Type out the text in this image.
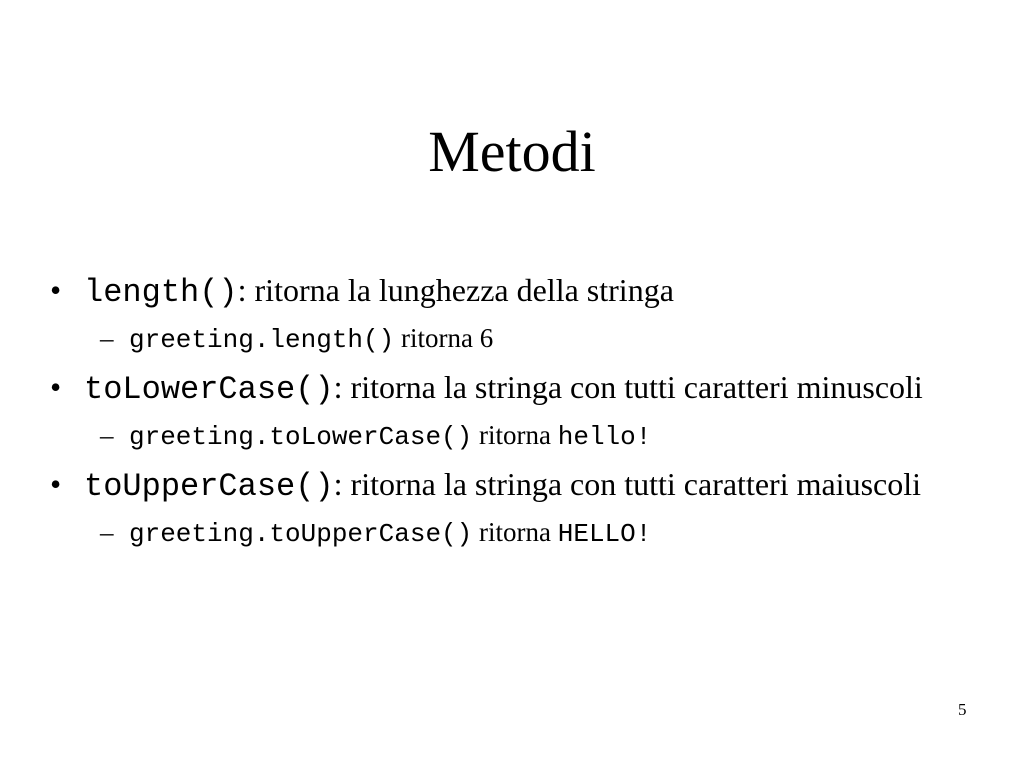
Metodi
• length(): ritorna la lunghezza della stringa
– greeting.length() ritorna 6
• toLowerCase(): ritorna la stringa con tutti caratteri minuscoli
– greeting.toLowerCase() ritorna hello!
• toUpperCase(): ritorna la stringa con tutti caratteri maiuscoli
– greeting.toUpperCase() ritorna HELLO!
5
